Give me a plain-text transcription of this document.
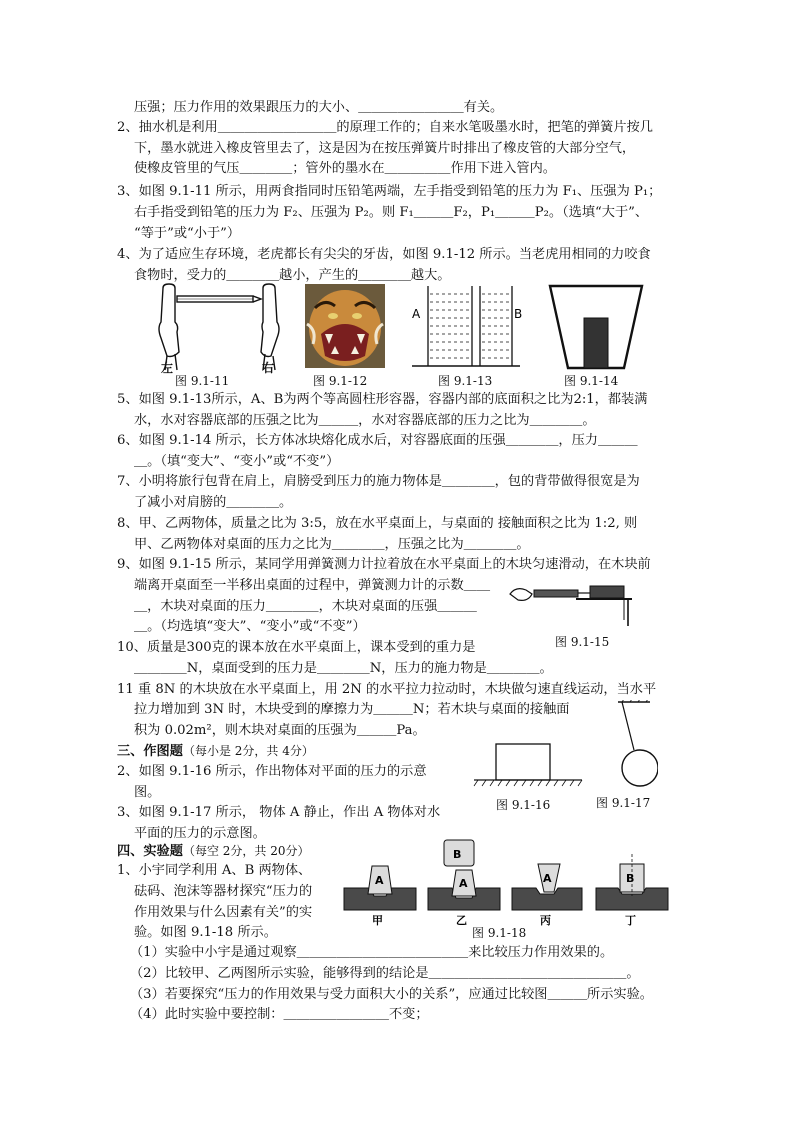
压强；压力作用的效果跟压力的大小、＿＿＿＿＿＿＿＿有关。
2、抽水机是利用＿＿＿＿＿＿＿＿＿的原理工作的；自来水笔吸墨水时，把笔的弹簧片按几
下，墨水就进入橡皮管里去了，这是因为在按压弹簧片时排出了橡皮管的大部分空气，
使橡皮管里的气压＿＿＿＿；管外的墨水在＿＿＿＿＿作用下进入管内。
3、如图 9.1-11 所示，用两食指同时压铅笔两端，左手指受到铅笔的压力为 F₁、压强为 P₁；
右手指受到铅笔的压力为 F₂、压强为 P₂。则 F₁＿＿＿F₂，P₁＿＿＿P₂。（选填“大于”、
“等于”或“小于”）
4、为了适应生存环境，老虎都长有尖尖的牙齿，如图 9.1-12 所示。当老虎用相同的力咬食
食物时，受力的＿＿＿＿越小，产生的＿＿＿＿越大。
左	右
图 9.1-11	图 9.1-12
A	B
图 9.1-13	图 9.1-14
5、如图 9.1-13所示，A、B为两个等高圆柱形容器，容器内部的底面积之比为2:1，都装满
水，水对容器底部的压强之比为＿＿＿，水对容器底部的压力之比为＿＿＿＿。
6、如图 9.1-14 所示，长方体冰块熔化成水后，对容器底面的压强＿＿＿＿，压力＿＿＿
＿。（填“变大”、“变小”或“不变”）
7、小明将旅行包背在肩上，肩膀受到压力的施力物体是＿＿＿＿，包的背带做得很宽是为
了减小对肩膀的＿＿＿＿。
8、甲、乙两物体，质量之比为 3:5，放在水平桌面上，与桌面的 接触面积之比为 1:2, 则
甲、乙两物体对桌面的压力之比为＿＿＿＿，压强之比为＿＿＿＿。
9、如图 9.1-15 所示，某同学用弹簧测力计拉着放在水平桌面上的木块匀速滑动，在木块前
端离开桌面至一半移出桌面的过程中，弹簧测力计的示数＿＿
＿，木块对桌面的压力＿＿＿＿，木块对桌面的压强＿＿＿
＿。（均选填“变大”、“变小”或“不变”）
图 9.1-15
10、质量是300克的课本放在水平桌面上，课本受到的重力是
＿＿＿＿N，桌面受到的压力是＿＿＿＿N，压力的施力物是＿＿＿＿。
11 重 8N 的木块放在水平桌面上，用 2N 的水平拉力拉动时，木块做匀速直线运动，当水平
拉力增加到 3N 时，木块受到的摩擦力为＿＿＿N；若木块与桌面的接触面
积为 0.02m²，则木块对桌面的压强为＿＿＿Pa。
三、作图题（每小是 2分，共 4分）
2、如图 9.1-16 所示，作出物体对平面的压力的示意
图。
3、如图 9.1-17 所示， 物体 A 静止，作出 A 物体对水
平面的压力的示意图。
图 9.1-16	图 9.1-17
四、实验题（每空 2分，共 20分）
1、小宇同学利用 A、B 两物体、
砝码、泡沫等器材探究“压力的
作用效果与什么因素有关”的实
验。如图 9.1-18 所示。
A	A
B
A	B
甲	乙	丙	丁
图 9.1-18
（1）实验中小宇是通过观察＿＿＿＿＿＿＿＿＿＿＿＿＿来比较压力作用效果的。
（2）比较甲、乙两图所示实验，能够得到的结论是＿＿＿＿＿＿＿＿＿＿＿＿＿＿＿。
（3）若要探究“压力的作用效果与受力面积大小的关系”，应通过比较图＿＿＿所示实验。
（4）此时实验中要控制：＿＿＿＿＿＿＿＿不变；
